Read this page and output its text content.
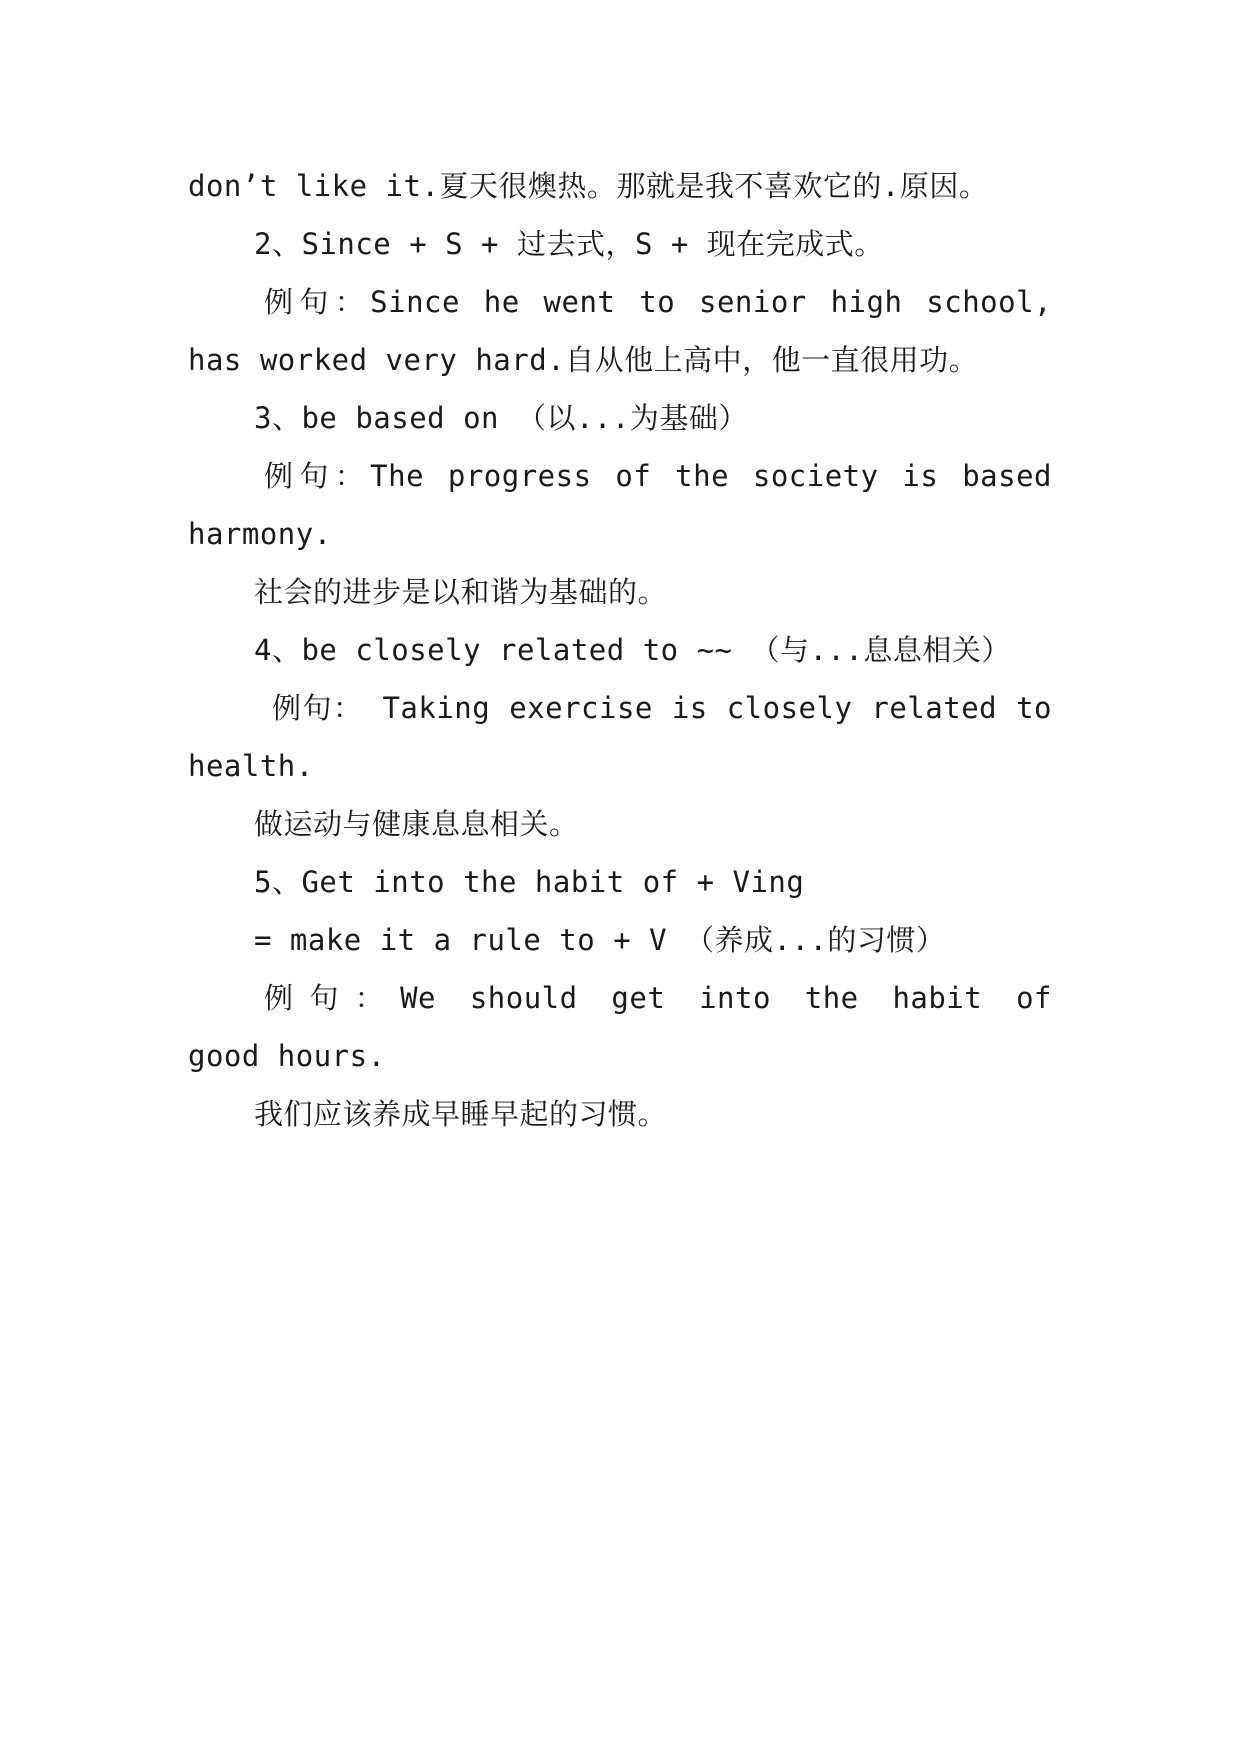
don’t like it.夏天很燠热。那就是我不喜欢它的.原因。
2、Since + S + 过去式，S + 现在完成式。
例句：Since he went to senior high school,
has worked very hard.自从他上高中，他一直很用功。
3、be based on （以...为基础）
例句：The progress of the society is based
harmony.
社会的进步是以和谐为基础的。
4、be closely related to ~~ （与...息息相关）
例句： Taking exercise is closely related to
health.
做运动与健康息息相关。
5、Get into the habit of + Ving
= make it a rule to + V （养成...的习惯）
例句：We should get into the habit of
good hours.
我们应该养成早睡早起的习惯。
